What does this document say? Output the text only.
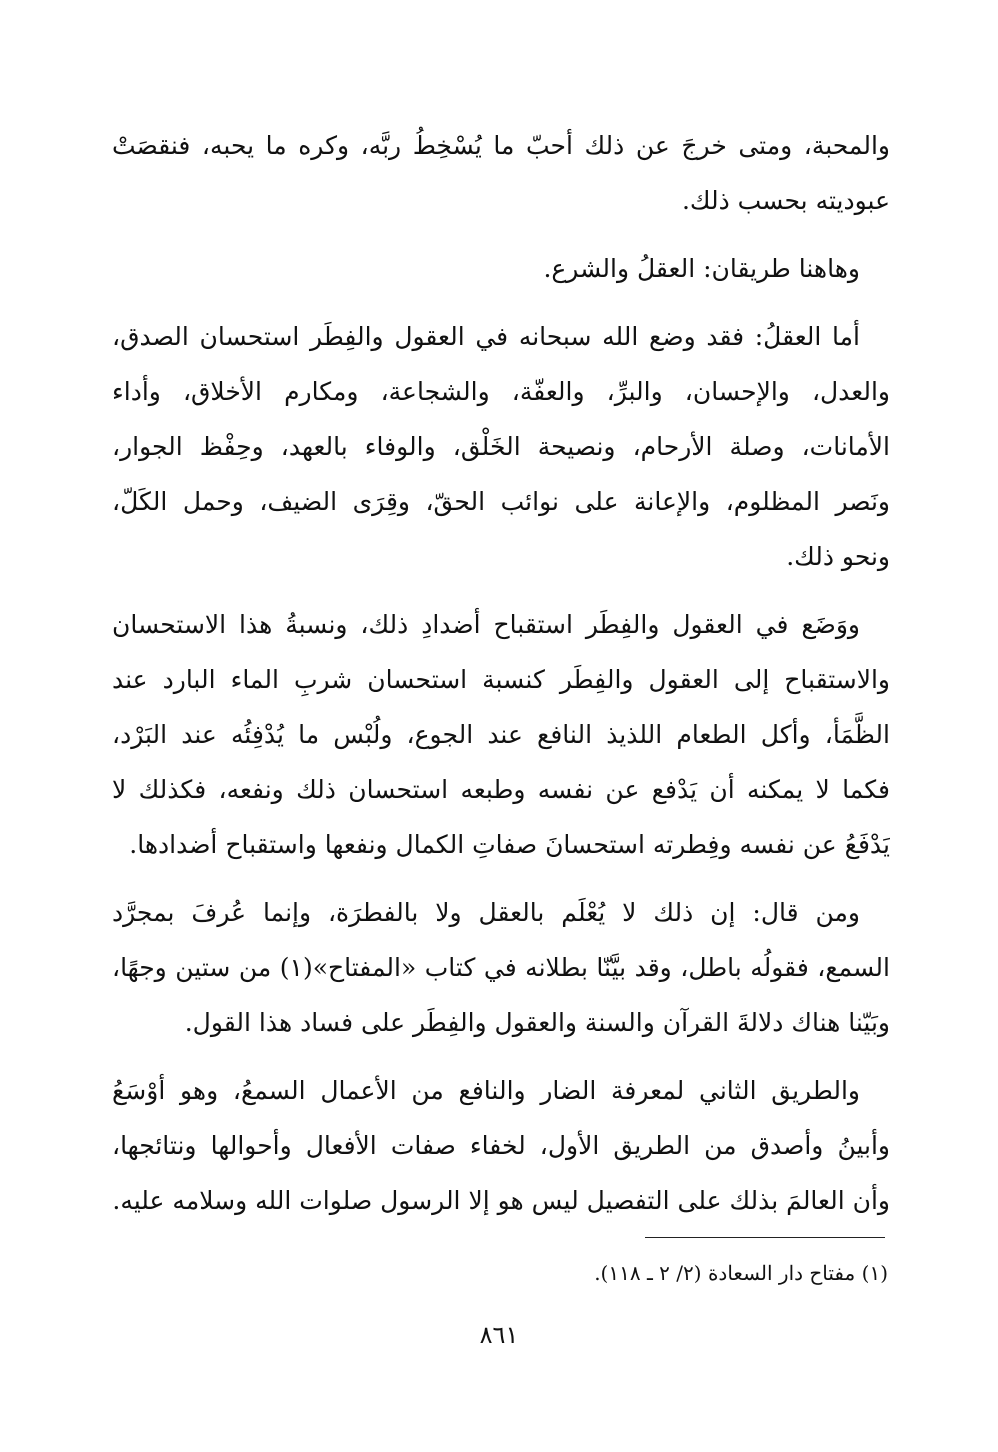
والمحبة، ومتى خرجَ عن ذلك أحبّ ما يُسْخِطُ ربَّه، وكره ما يحبه، فنقصَتْ
عبوديته بحسب ذلك.
وهاهنا طريقان: العقلُ والشرع.
أما العقلُ: فقد وضع الله سبحانه في العقول والفِطَر استحسان الصدق،
والعدل، والإحسان، والبرِّ، والعفّة، والشجاعة، ومكارم الأخلاق، وأداء
الأمانات، وصلة الأرحام، ونصيحة الخَلْق، والوفاء بالعهد، وحِفْظ الجوار،
ونَصر المظلوم، والإعانة على نوائب الحقّ، وقِرَى الضيف، وحمل الكَلّ،
ونحو ذلك.
ووَضَع في العقول والفِطَر استقباح أضدادِ ذلك، ونسبةُ هذا الاستحسان
والاستقباح إلى العقول والفِطَر كنسبة استحسان شربِ الماء البارد عند
الظَّمَأ، وأكل الطعام اللذيذ النافع عند الجوع، ولُبْس ما يُدْفِئُه عند البَرْد،
فكما لا يمكنه أن يَدْفع عن نفسه وطبعه استحسان ذلك ونفعه، فكذلك لا
يَدْفَعُ عن نفسه وفِطرته استحسانَ صفاتِ الكمال ونفعها واستقباح أضدادها.
ومن قال: إن ذلك لا يُعْلَم بالعقل ولا بالفطرَة، وإنما عُرفَ بمجرَّد
السمع، فقولُه باطل، وقد بيَّنّا بطلانه في كتاب «المفتاح»(١) من ستين وجهًا،
وبَيّنا هناك دلالةَ القرآن والسنة والعقول والفِطَر على فساد هذا القول.
والطريق الثاني لمعرفة الضار والنافع من الأعمال السمعُ، وهو أوْسَعُ
وأبينُ وأصدق من الطريق الأول، لخفاء صفات الأفعال وأحوالها ونتائجها،
وأن العالمَ بذلك على التفصيل ليس هو إلا الرسول صلوات الله وسلامه عليه.
(١) مفتاح دار السعادة (٢/ ٢ ـ ١١٨).
٨٦١
